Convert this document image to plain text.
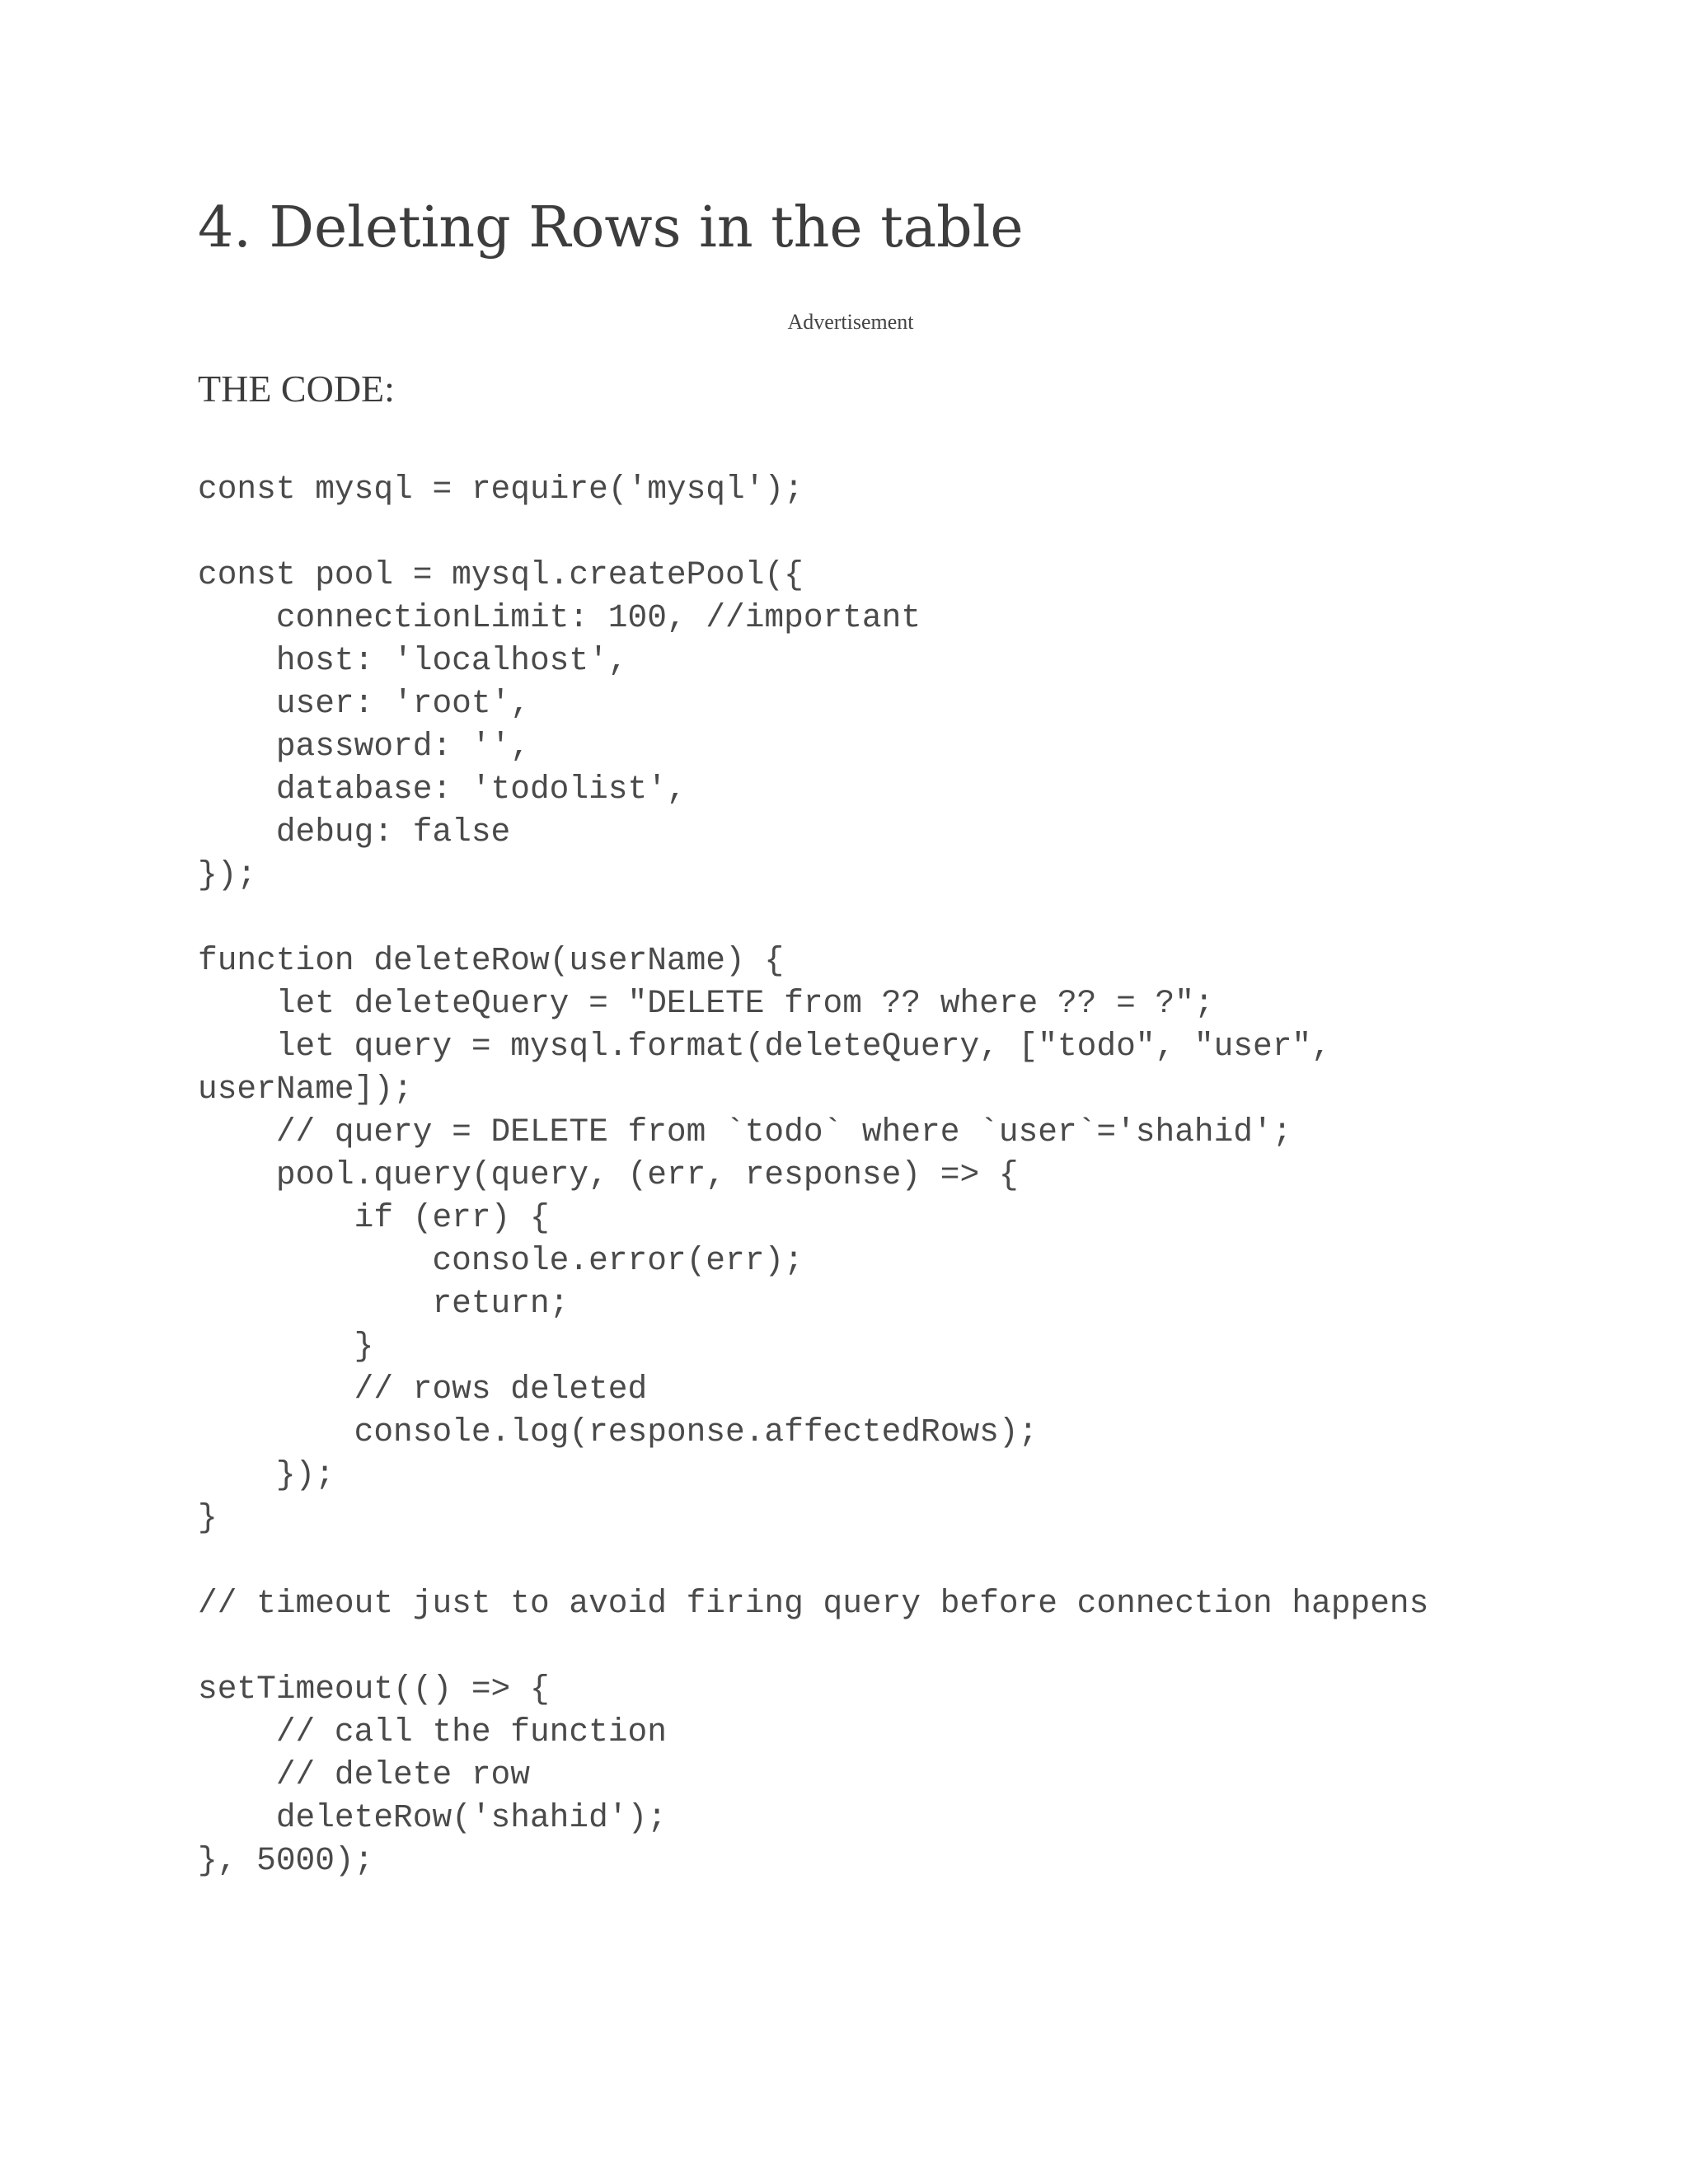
4. Deleting Rows in the table
Advertisement
THE CODE:
const mysql = require('mysql');
const pool = mysql.createPool({
connectionLimit: 100, //important
host: 'localhost',
user: 'root',
password: '',
database: 'todolist',
debug: false
});
function deleteRow(userName) {
let deleteQuery = "DELETE from ?? where ?? = ?";
let query = mysql.format(deleteQuery, ["todo", "user",
userName]);
// query = DELETE from `todo` where `user`='shahid';
pool.query(query, (err, response) => {
if (err) {
console.error(err);
return;
}
// rows deleted
console.log(response.affectedRows);
});
}
// timeout just to avoid firing query before connection happens
setTimeout(() => {
// call the function
// delete row
deleteRow('shahid');
}, 5000);
